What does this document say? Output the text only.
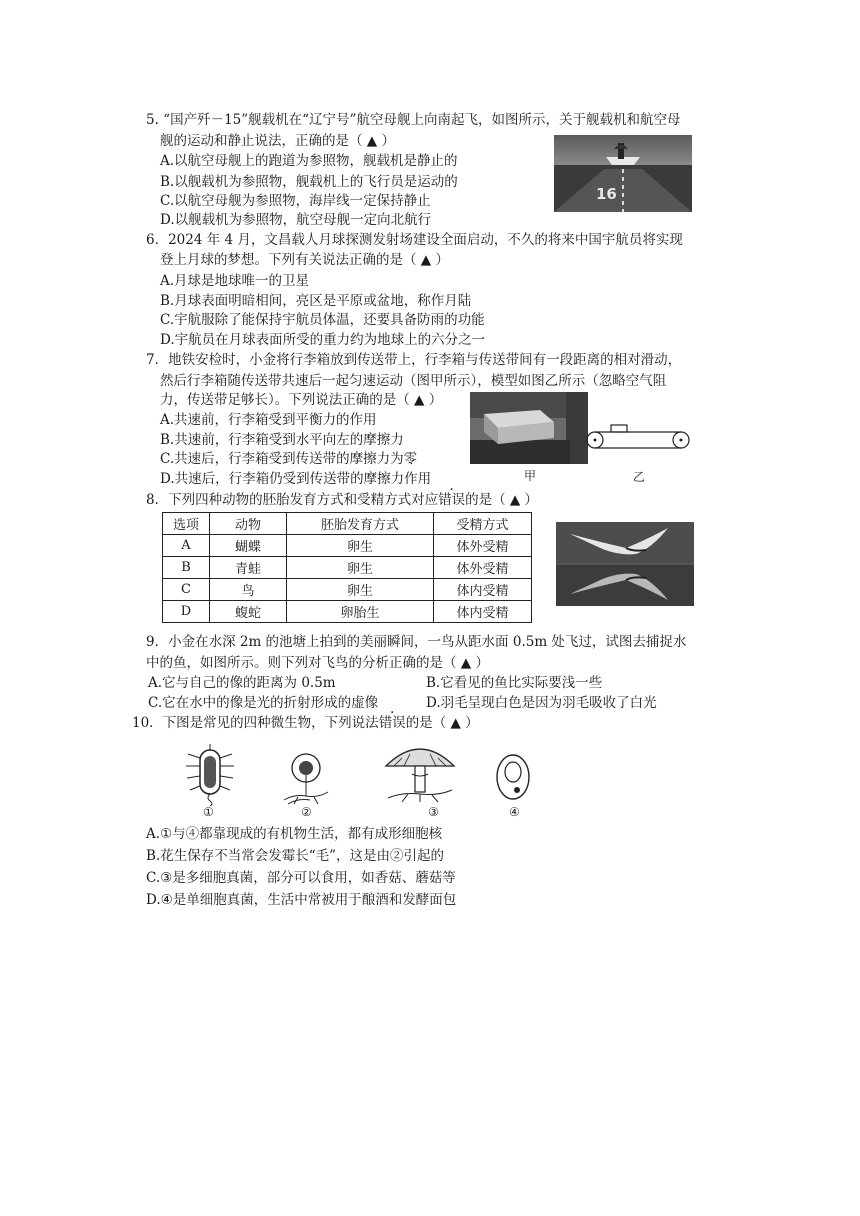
5. “国产歼－15”舰载机在“辽宁号”航空母舰上向南起飞，如图所示，关于舰载机和航空母
舰的运动和静止说法，正确的是（ ▲ ）
A.以航空母舰上的跑道为参照物，舰载机是静止的
B.以舰载机为参照物，舰载机上的飞行员是运动的
C.以航空母舰为参照物，海岸线一定保持静止
D.以舰载机为参照物，航空母舰一定向北航行
16
6．2024 年 4 月，文昌载人月球探测发射场建设全面启动，不久的将来中国宇航员将实现
登上月球的梦想。下列有关说法正确的是（ ▲ ）
A.月球是地球唯一的卫星
B.月球表面明暗相间，亮区是平原或盆地，称作月陆
C.宇航服除了能保持宇航员体温，还要具备防雨的功能
D.宇航员在月球表面所受的重力约为地球上的六分之一
7．地铁安检时，小金将行李箱放到传送带上，行李箱与传送带间有一段距离的相对滑动，
然后行李箱随传送带共速后一起匀速运动（图甲所示），模型如图乙所示（忽略空气阻
力，传送带足够长）。下列说法正确的是（ ▲ ）
A.共速前，行李箱受到平衡力的作用
B.共速前，行李箱受到水平向左的摩擦力
C.共速后，行李箱受到传送带的摩擦力为零
D.共速后，行李箱仍受到传送带的摩擦力作用	甲	乙
8．下列四种动物的胚胎发育方式和受精方式对应错误的是（ ▲ ）
选项	动物	胚胎发育方式	受精方式
A	蝴蝶	卵生	体外受精
B	青蛙	卵生	体外受精
C	鸟	卵生	体内受精
D	蝮蛇	卵胎生	体内受精
9．小金在水深 2m 的池塘上拍到的美丽瞬间，一鸟从距水面 0.5m 处飞过，试图去捕捉水
中的鱼，如图所示。则下列对飞鸟的分析正确的是（ ▲ ）
A.它与自己的像的距离为 0.5m	B.它看见的鱼比实际要浅一些
C.它在水中的像是光的折射形成的虚像	D.羽毛呈现白色是因为羽毛吸收了白光
10．下图是常见的四种微生物，下列说法错误的是（ ▲ ）
①	②	③	④
A.①与④都靠现成的有机物生活，都有成形细胞核
B.花生保存不当常会发霉长“毛”，这是由②引起的
C.③是多细胞真菌，部分可以食用，如香菇、蘑菇等
D.④是单细胞真菌，生活中常被用于酿酒和发酵面包
